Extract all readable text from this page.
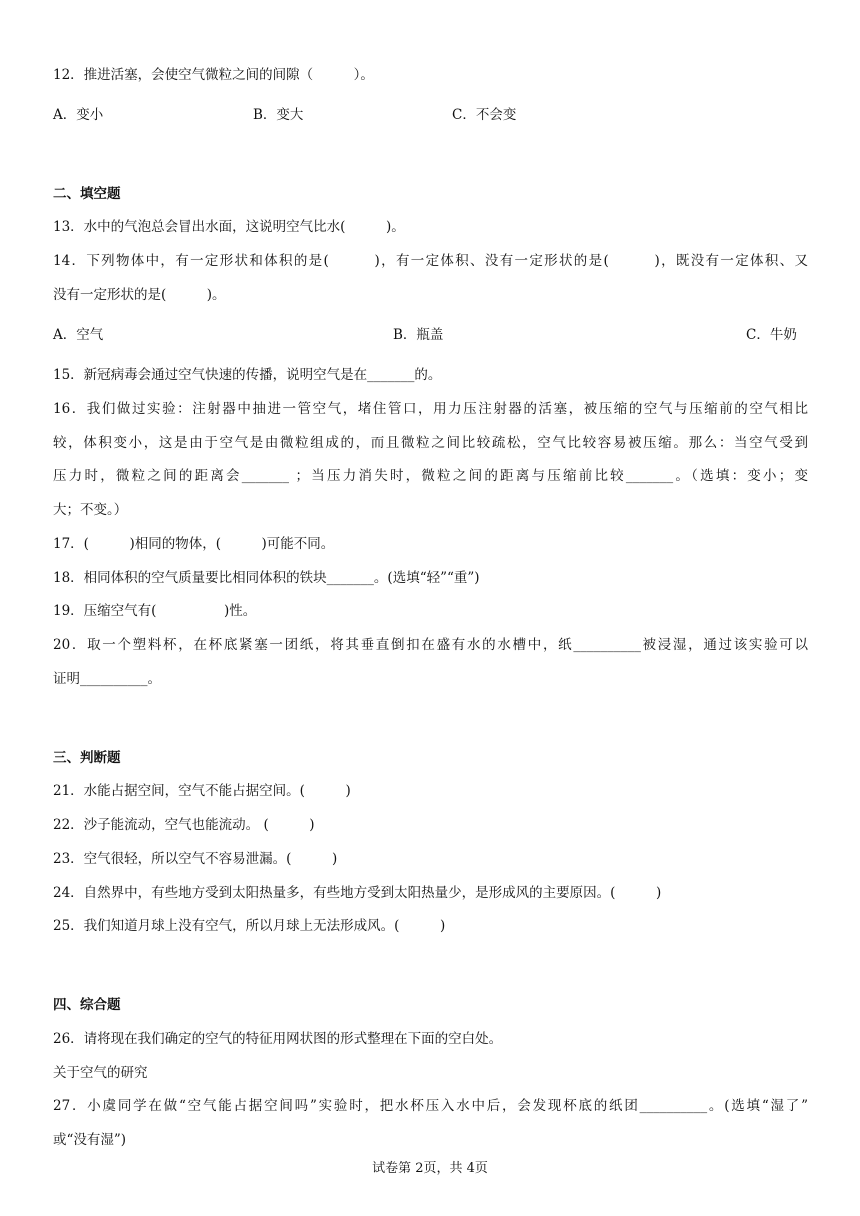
12．推进活塞，会使空气微粒之间的间隙（　　　）。
A．变小	B．变大	C．不会变
二、填空题
13．水中的气泡总会冒出水面，这说明空气比水(　　　)。
14．下列物体中，有一定形状和体积的是(　　　)，有一定体积、没有一定形状的是(　　　)，既没有一定体积、又
没有一定形状的是(　　　)。
A．空气	B．瓶盖	C．牛奶
15．新冠病毒会通过空气快速的传播，说明空气是在_______的。
16．我们做过实验：注射器中抽进一管空气，堵住管口，用力压注射器的活塞，被压缩的空气与压缩前的空气相比
较，体积变小，这是由于空气是由微粒组成的，而且微粒之间比较疏松，空气比较容易被压缩。那么：当空气受到
压力时，微粒之间的距离会_______ ；当压力消失时，微粒之间的距离与压缩前比较_______。（选填：变小；变
大；不变。）
17．(　　　)相同的物体，(　　　)可能不同。
18．相同体积的空气质量要比相同体积的铁块_______。(选填“轻”“重”)
19．压缩空气有(　　　　　)性。
20．取一个塑料杯，在杯底紧塞一团纸，将其垂直倒扣在盛有水的水槽中，纸__________被浸湿，通过该实验可以
证明__________。
三、判断题
21．水能占据空间，空气不能占据空间。(　　　)
22．沙子能流动，空气也能流动。 (　　　)
23．空气很轻，所以空气不容易泄漏。(　　　)
24．自然界中，有些地方受到太阳热量多，有些地方受到太阳热量少，是形成风的主要原因。(　　　)
25．我们知道月球上没有空气，所以月球上无法形成风。(　　　)
四、综合题
26．请将现在我们确定的空气的特征用网状图的形式整理在下面的空白处。
关于空气的研究
27．小虞同学在做“空气能占据空间吗”实验时，把水杯压入水中后，会发现杯底的纸团__________。(选填“湿了”
或“没有湿”)
试卷第 2页，共 4页
